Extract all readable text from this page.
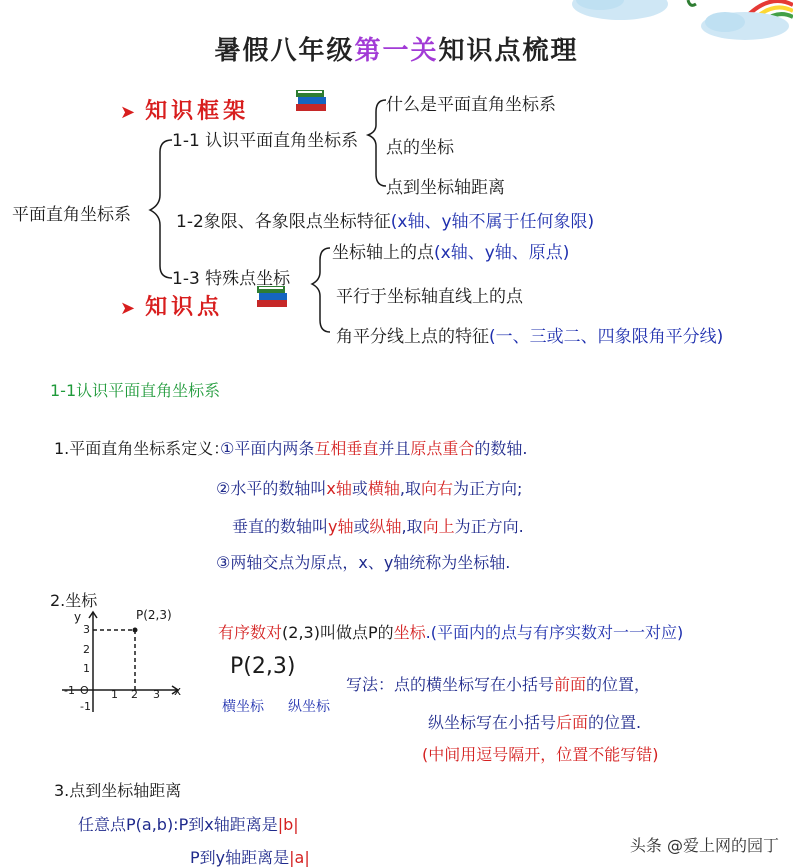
暑假八年级第一关知识点梳理
➤ 知识框架
➤ 知识点
平面直角坐标系
1-1 认识平面直角坐标系
什么是平面直角坐标系
点的坐标
点到坐标轴距离
1-2象限、各象限点坐标特征(x轴、y轴不属于任何象限)
1-3 特殊点坐标
坐标轴上的点(x轴、y轴、原点)
平行于坐标轴直线上的点
角平分线上点的特征(一、三或二、四象限角平分线)
1-1认识平面直角坐标系
1.平面直角坐标系定义：
①平面内两条互相垂直并且原点重合的数轴.
②水平的数轴叫x轴或横轴,取向右为正方向;
垂直的数轴叫y轴或纵轴,取向上为正方向.
③两轴交点为原点，x、y轴统称为坐标轴.
2.坐标
P(2,3)
y
x
O
-1
-1
1 2 3
1
2
3	有序数对(2,3)叫做点P的坐标.(平面内的点与有序实数对一一对应)
P(2,3)
横坐标 纵坐标
写法：点的横坐标写在小括号前面的位置，
纵坐标写在小括号后面的位置.
(中间用逗号隔开，位置不能写错)
3.点到坐标轴距离
任意点P(a,b):P到x轴距离是|b|
P到y轴距离是|a|
头条 @爱上网的园丁
